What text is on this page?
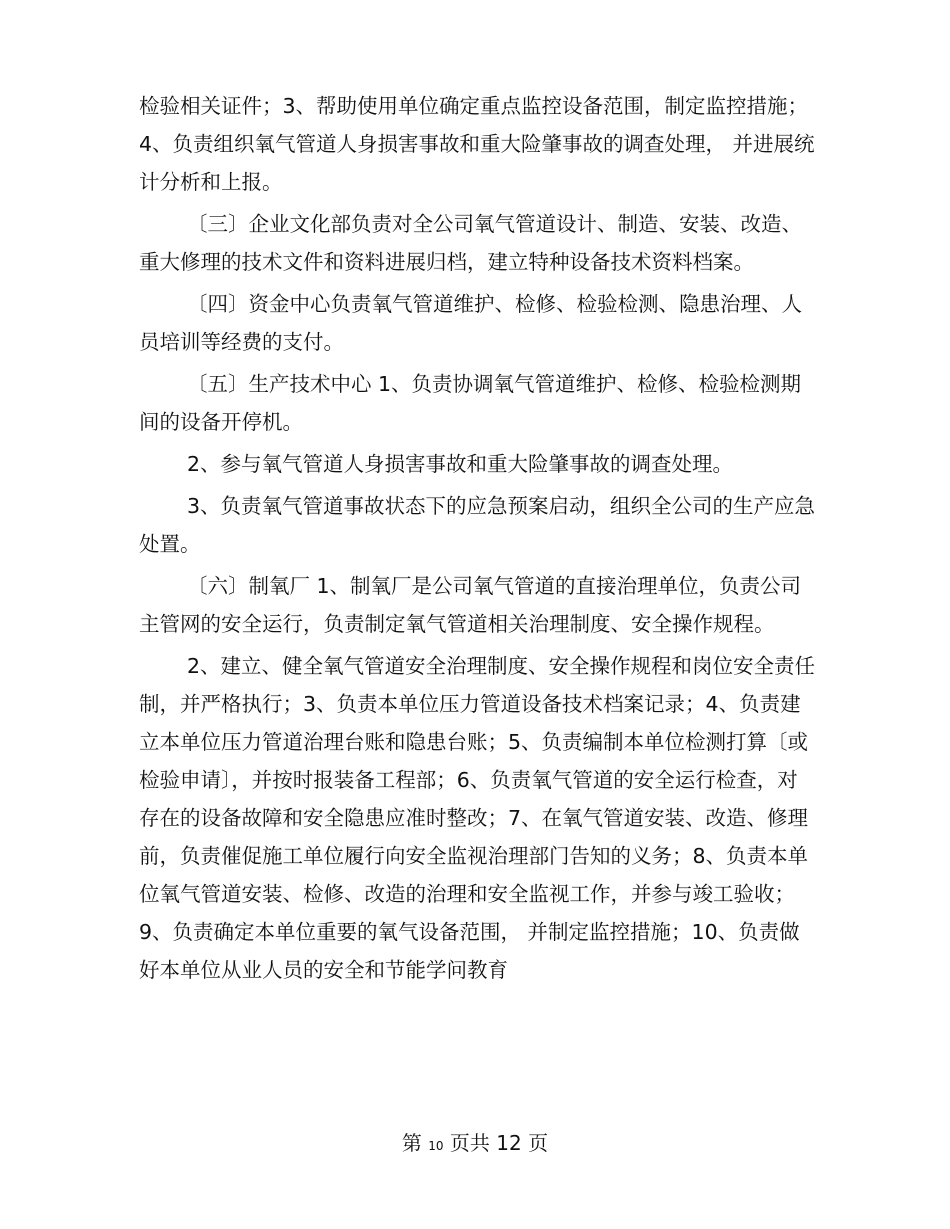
检验相关证件；3、帮助使用单位确定重点监控设备范围，制定监控措施；4、负责组织氧气管道人身损害事故和重大险肇事故的调查处理， 并进展统计分析和上报。

〔三〕企业文化部负责对全公司氧气管道设计、制造、安装、改造、重大修理的技术文件和资料进展归档，建立特种设备技术资料档案。

〔四〕资金中心负责氧气管道维护、检修、检验检测、隐患治理、人员培训等经费的支付。

〔五〕生产技术中心 1、负责协调氧气管道维护、检修、检验检测期间的设备开停机。

2、参与氧气管道人身损害事故和重大险肇事故的调查处理。

3、负责氧气管道事故状态下的应急预案启动，组织全公司的生产应急处置。

〔六〕制氧厂 1、制氧厂是公司氧气管道的直接治理单位，负责公司主管网的安全运行，负责制定氧气管道相关治理制度、安全操作规程。

2、建立、健全氧气管道安全治理制度、安全操作规程和岗位安全责任制，并严格执行；3、负责本单位压力管道设备技术档案记录；4、负责建立本单位压力管道治理台账和隐患台账；5、负责编制本单位检测打算〔或检验申请〕，并按时报装备工程部；6、负责氧气管道的安全运行检查，对存在的设备故障和安全隐患应准时整改；7、在氧气管道安装、改造、修理前，负责催促施工单位履行向安全监视治理部门告知的义务；8、负责本单位氧气管道安装、检修、改造的治理和安全监视工作，并参与竣工验收；9、负责确定本单位重要的氧气设备范围， 并制定监控措施；10、负责做好本单位从业人员的安全和节能学问教育

第 10 页共 12 页
